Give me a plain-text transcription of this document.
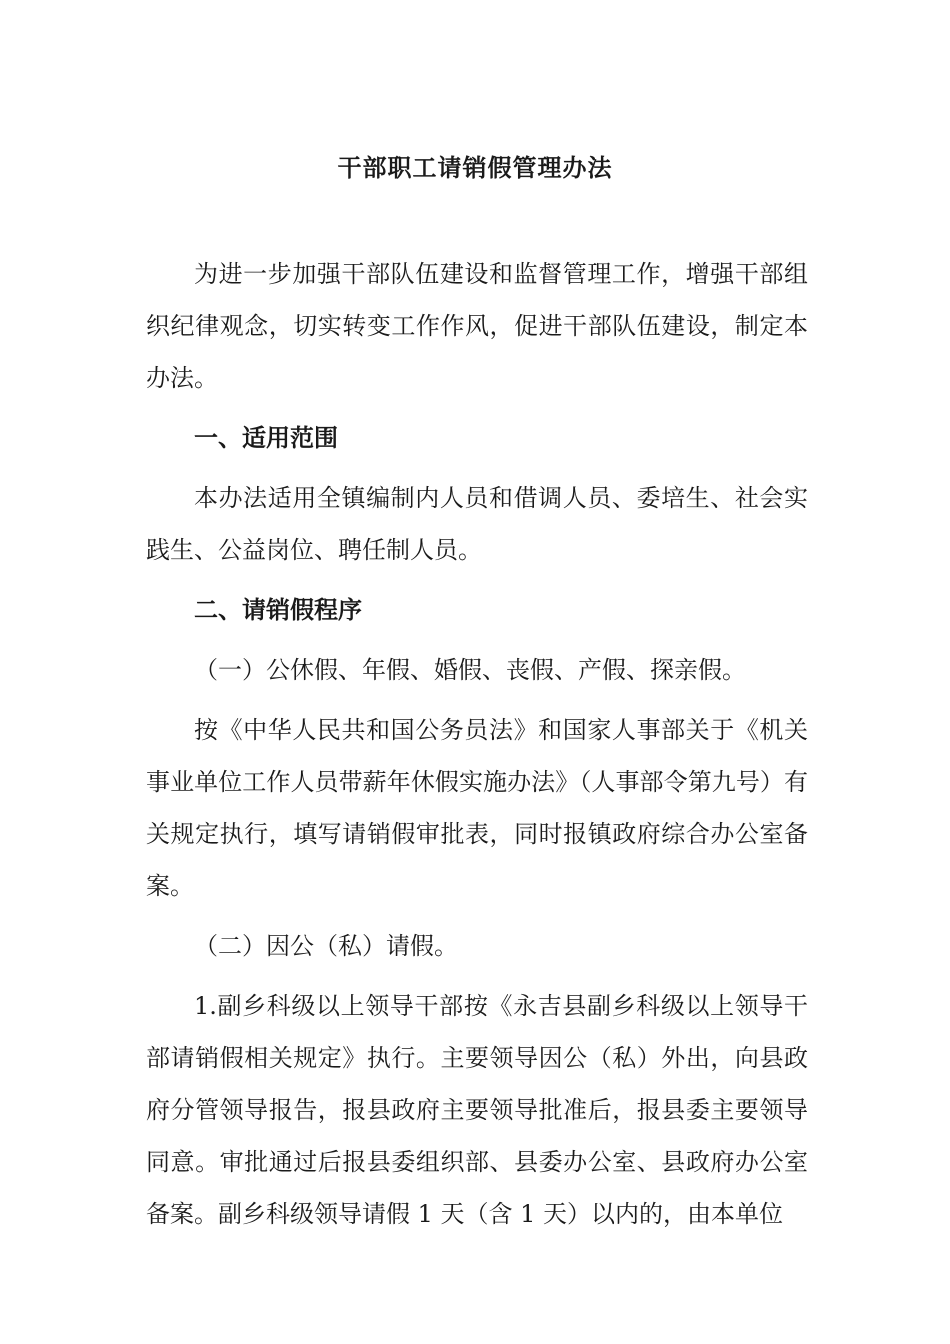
干部职工请销假管理办法

为进一步加强干部队伍建设和监督管理工作，增强干部组织纪律观念，切实转变工作作风，促进干部队伍建设，制定本办法。

一、适用范围

本办法适用全镇编制内人员和借调人员、委培生、社会实践生、公益岗位、聘任制人员。

二、请销假程序

（一）公休假、年假、婚假、丧假、产假、探亲假。

按《中华人民共和国公务员法》和国家人事部关于《机关事业单位工作人员带薪年休假实施办法》（人事部令第九号）有关规定执行，填写请销假审批表，同时报镇政府综合办公室备案。

（二）因公（私）请假。

1.副乡科级以上领导干部按《永吉县副乡科级以上领导干部请销假相关规定》执行。主要领导因公（私）外出，向县政府分管领导报告，报县政府主要领导批准后，报县委主要领导同意。审批通过后报县委组织部、县委办公室、县政府办公室备案。副乡科级领导请假 1 天（含 1 天）以内的，由本单位
